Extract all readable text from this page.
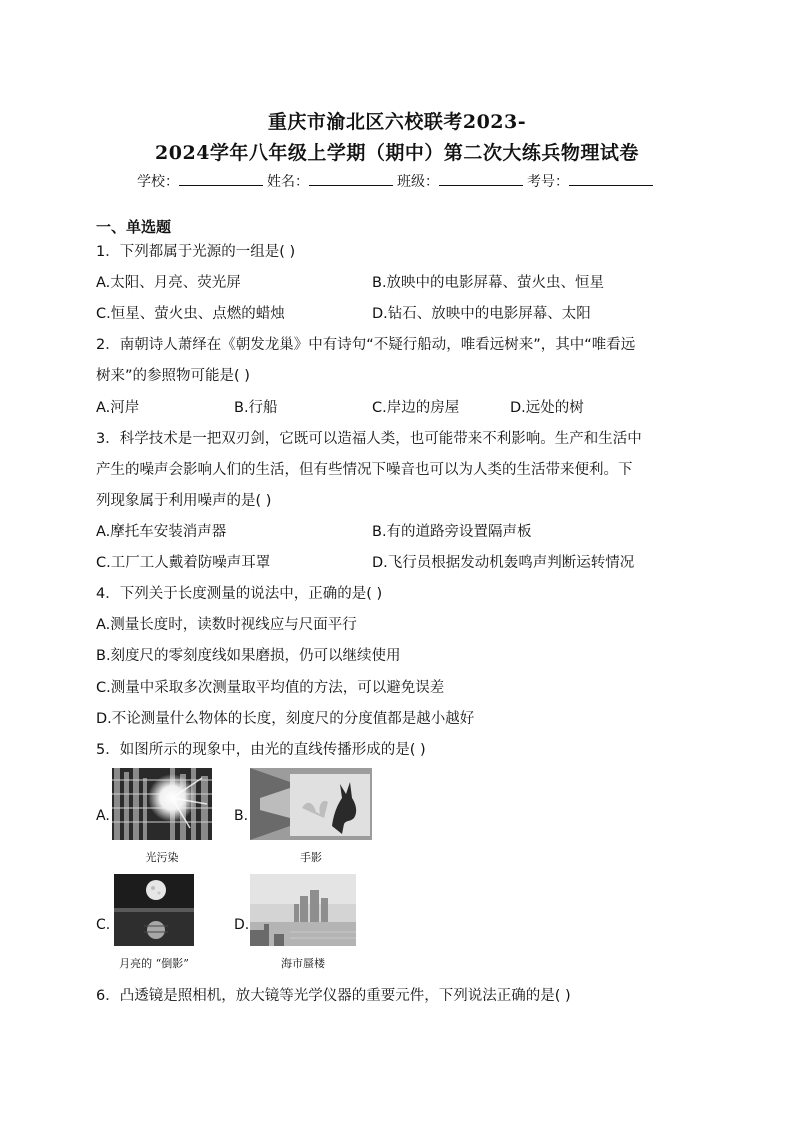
重庆市渝北区六校联考2023-
2024学年八年级上学期（期中）第二次大练兵物理试卷
学校：	姓名：	班级：	考号：
一、单选题
1．下列都属于光源的一组是( )
A.太阳、月亮、荧光屏	B.放映中的电影屏幕、萤火虫、恒星
C.恒星、萤火虫、点燃的蜡烛	D.钻石、放映中的电影屏幕、太阳
2．南朝诗人萧绎在《朝发龙巢》中有诗句“不疑行船动，唯看远树来”，其中“唯看远
树来”的参照物可能是( )
A.河岸	B.行船	C.岸边的房屋	D.远处的树
3．科学技术是一把双刃剑，它既可以造福人类，也可能带来不利影响。生产和生活中
产生的噪声会影响人们的生活，但有些情况下噪音也可以为人类的生活带来便利。下
列现象属于利用噪声的是( )
A.摩托车安装消声器	B.有的道路旁设置隔声板
C.工厂工人戴着防噪声耳罩	D.飞行员根据发动机轰鸣声判断运转情况
4．下列关于长度测量的说法中，正确的是( )
A.测量长度时，读数时视线应与尺面平行
B.刻度尺的零刻度线如果磨损，仍可以继续使用
C.测量中采取多次测量取平均值的方法，可以避免误差
D.不论测量什么物体的长度，刻度尺的分度值都是越小越好
5．如图所示的现象中，由光的直线传播形成的是( )
A.
光污染
B.
手影
C.
月亮的 “倒影”
D.
海市蜃楼
6．凸透镜是照相机，放大镜等光学仪器的重要元件，下列说法正确的是( )
